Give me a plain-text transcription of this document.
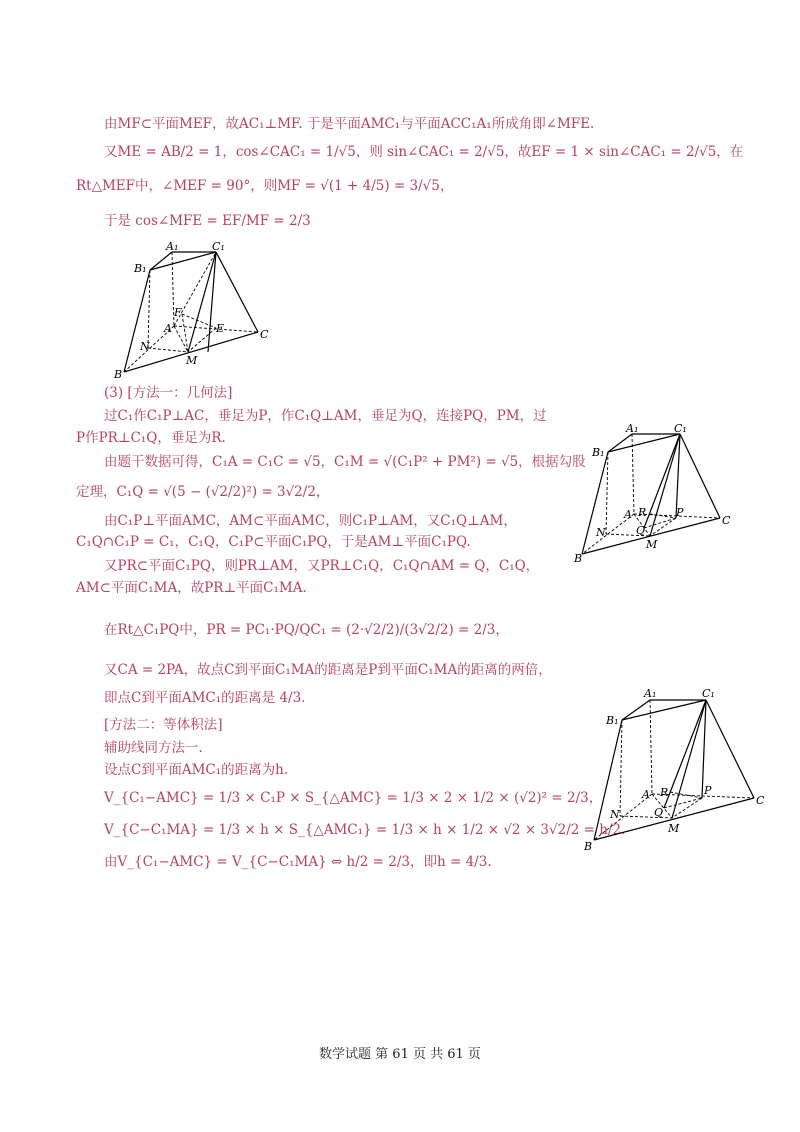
由MF⊂平面MEF，故AC₁⊥MF. 于是平面AMC₁与平面ACC₁A₁所成角即∠MFE.
又ME = AB/2 = 1，cos∠CAC₁ = 1/√5，则 sin∠CAC₁ = 2/√5，故EF = 1 × sin∠CAC₁ = 2/√5，在
Rt△MEF中，∠MEF = 90°，则MF = √(1 + 4/5) = 3/√5，
于是 cos∠MFE = EF/MF = 2/3
A₁	C₁
B₁
F
A	E	C
N
M
B
(3) [方法一：几何法]
过C₁作C₁P⊥AC，垂足为P，作C₁Q⊥AM，垂足为Q，连接PQ，PM，过
P作PR⊥C₁Q，垂足为R.
由题干数据可得，C₁A = C₁C = √5，C₁M = √(C₁P² + PM²) = √5，根据勾股
定理，C₁Q = √(5 − (√2/2)²) = 3√2/2，
由C₁P⊥平面AMC，AM⊂平面AMC，则C₁P⊥AM，又C₁Q⊥AM，
C₁Q∩C₁P = C₁，C₁Q，C₁P⊂平面C₁PQ，于是AM⊥平面C₁PQ.
又PR⊂平面C₁PQ，则PR⊥AM，又PR⊥C₁Q，C₁Q∩AM = Q，C₁Q，
AM⊂平面C₁MA，故PR⊥平面C₁MA.
在Rt△C₁PQ中，PR = PC₁·PQ/QC₁ = (2·√2/2)/(3√2/2) = 2/3，
又CA = 2PA，故点C到平面C₁MA的距离是P到平面C₁MA的距离的两倍，
即点C到平面AMC₁的距离是 4/3.
[方法二：等体积法]
辅助线同方法一.
设点C到平面AMC₁的距离为h.
V_{C₁−AMC} = 1/3 × C₁P × S_{△AMC} = 1/3 × 2 × 1/2 × (√2)² = 2/3，
V_{C−C₁MA} = 1/3 × h × S_{△AMC₁} = 1/3 × h × 1/2 × √2 × 3√2/2 = h/2.
由V_{C₁−AMC} = V_{C−C₁MA} ⇔ h/2 = 2/3，即h = 4/3.
A₁	C₁
B₁
A R	P
C
N	Q
M
B
A₁	C₁
B₁
A R	P
C
N	Q
M
B
数学试题 第 61 页 共 61 页
